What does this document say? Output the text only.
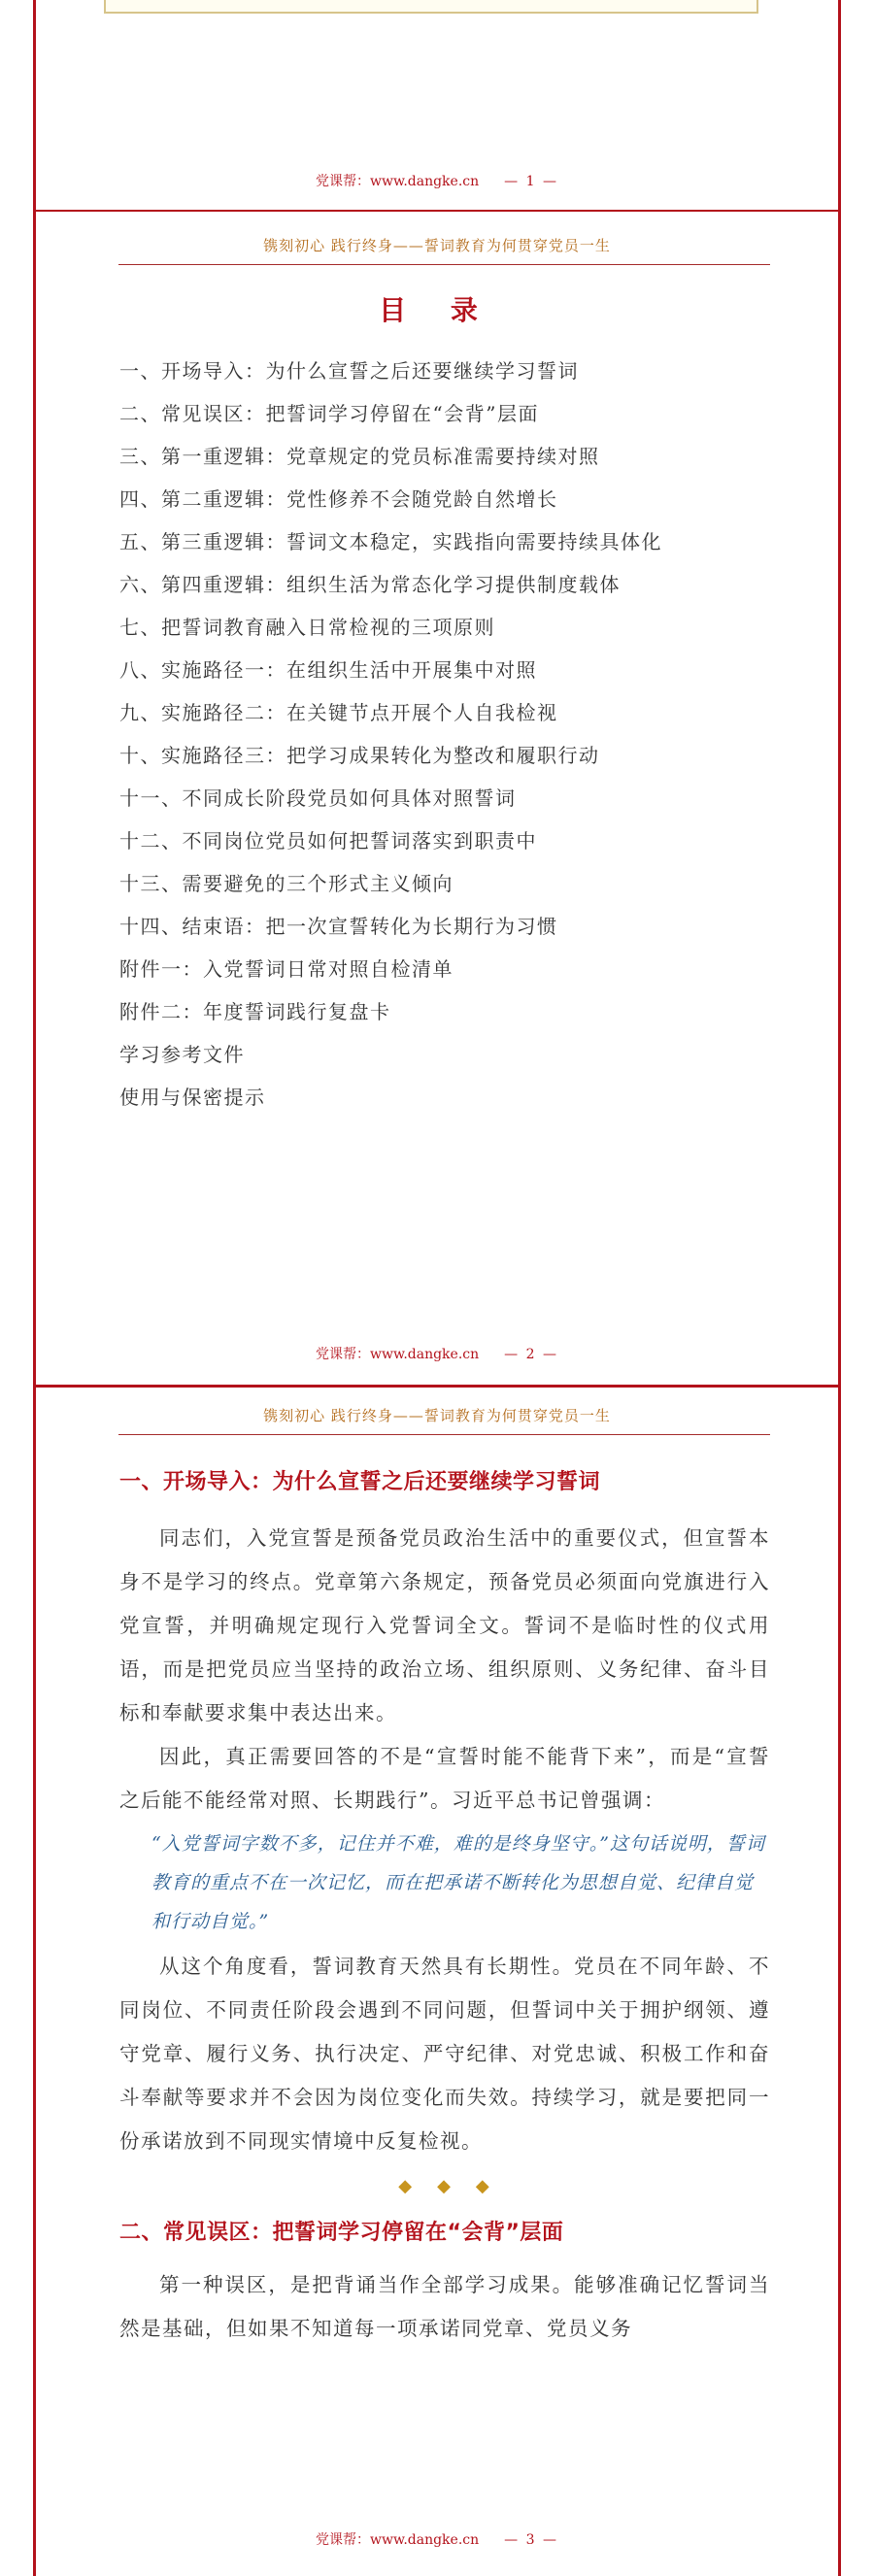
党课帮：www.dangke.cn — 1 —
镌刻初心 践行终身——誓词教育为何贯穿党员一生
目 录
一、开场导入：为什么宣誓之后还要继续学习誓词
二、常见误区：把誓词学习停留在“会背”层面
三、第一重逻辑：党章规定的党员标准需要持续对照
四、第二重逻辑：党性修养不会随党龄自然增长
五、第三重逻辑：誓词文本稳定，实践指向需要持续具体化
六、第四重逻辑：组织生活为常态化学习提供制度载体
七、把誓词教育融入日常检视的三项原则
八、实施路径一：在组织生活中开展集中对照
九、实施路径二：在关键节点开展个人自我检视
十、实施路径三：把学习成果转化为整改和履职行动
十一、不同成长阶段党员如何具体对照誓词
十二、不同岗位党员如何把誓词落实到职责中
十三、需要避免的三个形式主义倾向
十四、结束语：把一次宣誓转化为长期行为习惯
附件一：入党誓词日常对照自检清单
附件二：年度誓词践行复盘卡
学习参考文件
使用与保密提示
党课帮：www.dangke.cn — 2 —
镌刻初心 践行终身——誓词教育为何贯穿党员一生
一、开场导入：为什么宣誓之后还要继续学习誓词

同志们，入党宣誓是预备党员政治生活中的重要仪式，但宣誓本身不是学习的终点。党章第六条规定，预备党员必须面向党旗进行入党宣誓，并明确规定现行入党誓词全文。誓词不是临时性的仪式用语，而是把党员应当坚持的政治立场、组织原则、义务纪律、奋斗目标和奉献要求集中表达出来。

因此，真正需要回答的不是“宣誓时能不能背下来”，而是“宣誓之后能不能经常对照、长期践行”。习近平总书记曾强调：

“入党誓词字数不多，记住并不难，难的是终身坚守。”这句话说明，誓词教育的重点不在一次记忆，而在把承诺不断转化为思想自觉、纪律自觉和行动自觉。”

从这个角度看，誓词教育天然具有长期性。党员在不同年龄、不同岗位、不同责任阶段会遇到不同问题，但誓词中关于拥护纲领、遵守党章、履行义务、执行决定、严守纪律、对党忠诚、积极工作和奋斗奉献等要求并不会因为岗位变化而失效。持续学习，就是要把同一份承诺放到不同现实情境中反复检视。

◆◆◆
二、常见误区：把誓词学习停留在“会背”层面

第一种误区，是把背诵当作全部学习成果。能够准确记忆誓词当然是基础，但如果不知道每一项承诺同党章、党员义务

党课帮：www.dangke.cn — 3 —
